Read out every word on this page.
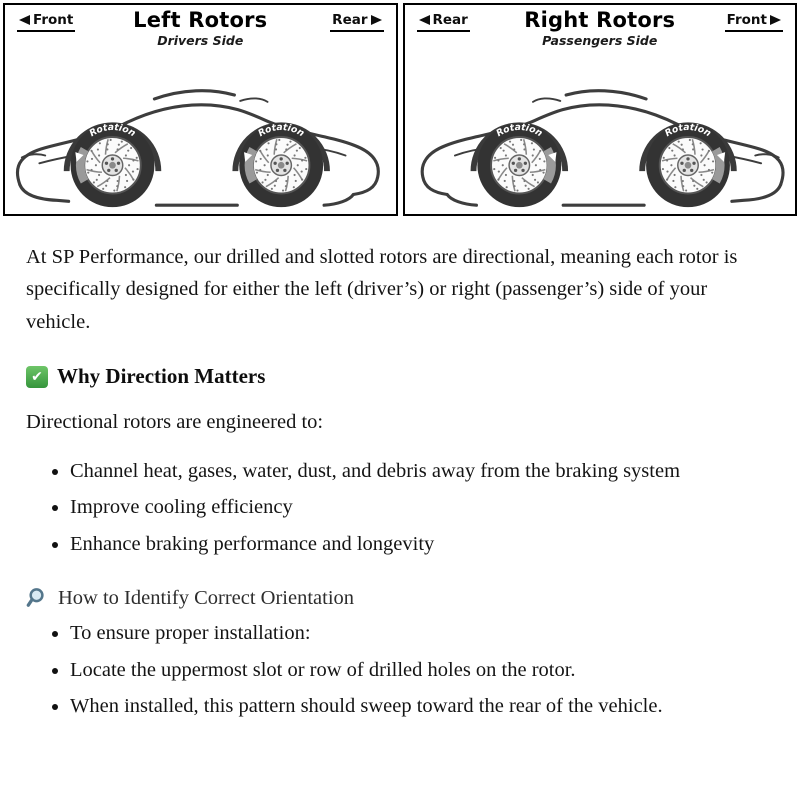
Front	Left Rotors
Drivers Side
Rear
Rotation	Rotation
Rear	Right Rotors
Passengers Side
Front
Rotation
Rotation

At SP Performance, our drilled and slotted rotors are directional, meaning each rotor is specifically designed for either the left (driver’s) or right (passenger’s) side of your vehicle.

✔
Why Direction Matters

Directional rotors are engineered to:

• Channel heat, gases, water, dust, and debris away from the braking system
• Improve cooling efficiency
• Enhance braking performance and longevity
How to Identify Correct Orientation
• To ensure proper installation:
• Locate the uppermost slot or row of drilled holes on the rotor.
• When installed, this pattern should sweep toward the rear of the vehicle.
